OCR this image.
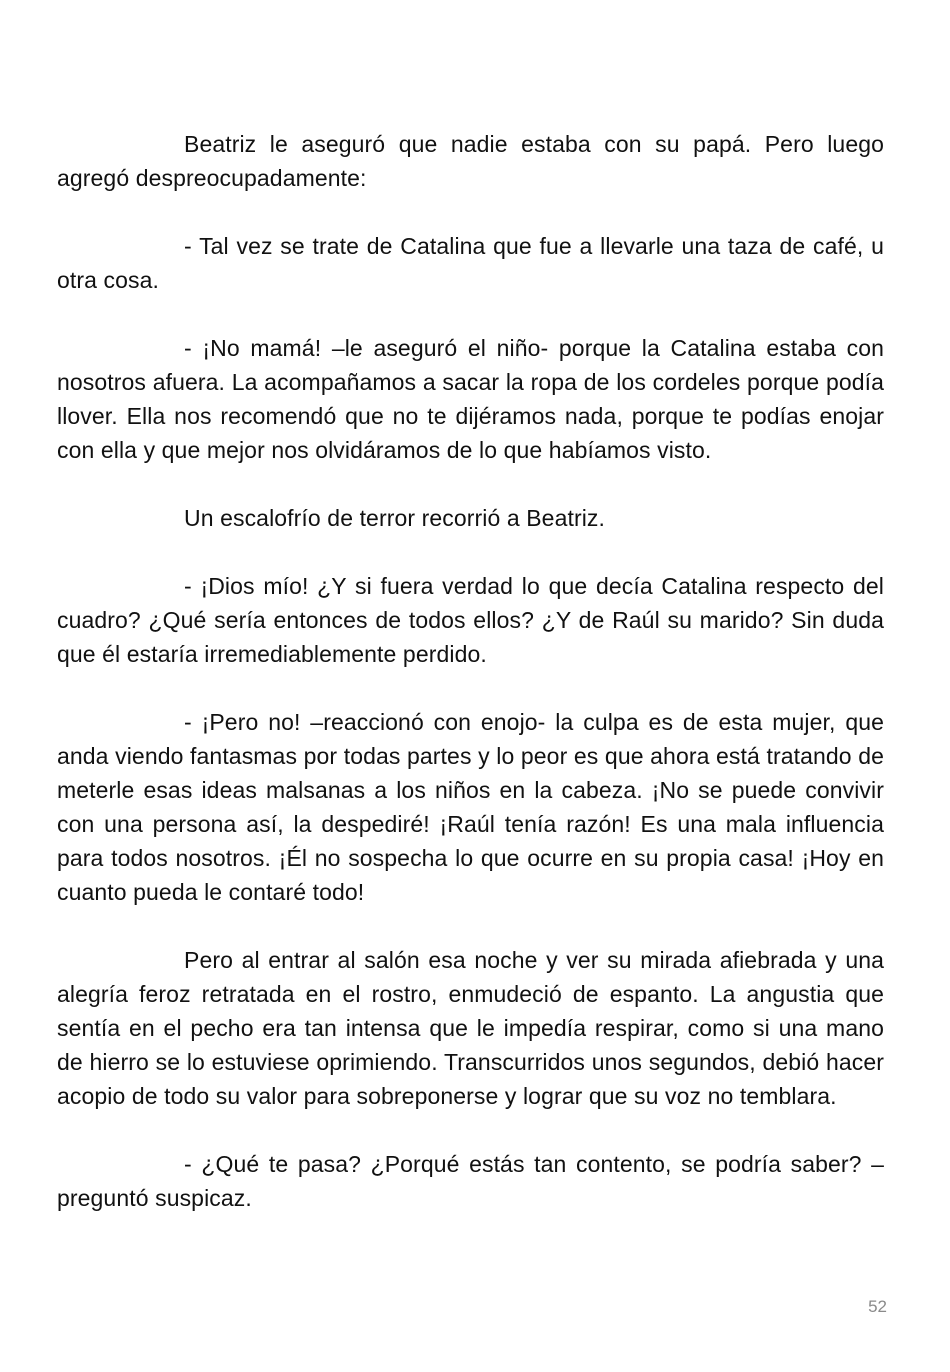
Beatriz le aseguró que nadie estaba con su papá. Pero luego agregó despreocupadamente:

- Tal vez se trate de Catalina que fue a llevarle una taza de café, u otra cosa.

- ¡No mamá! –le aseguró el niño- porque la Catalina estaba con nosotros afuera. La acompañamos a sacar la ropa de los cordeles porque podía llover. Ella nos recomendó que no te dijéramos nada, porque te podías enojar con ella y que mejor nos olvidáramos de lo que habíamos visto.

Un escalofrío de terror recorrió a Beatriz.

- ¡Dios mío! ¿Y si fuera verdad lo que decía Catalina respecto del cuadro? ¿Qué sería entonces de todos ellos? ¿Y de Raúl su marido? Sin duda que él estaría irremediablemente perdido.

- ¡Pero no! –reaccionó con enojo- la culpa es de esta mujer, que anda viendo fantasmas por todas partes y lo peor es que ahora está tratando de meterle esas ideas malsanas a los niños en la cabeza. ¡No se puede convivir con una persona así, la despediré! ¡Raúl tenía razón! Es una mala influencia para todos nosotros. ¡Él no sospecha lo que ocurre en su propia casa! ¡Hoy en cuanto pueda le contaré todo!

Pero al entrar al salón esa noche y ver su mirada afiebrada y una alegría feroz retratada en el rostro, enmudeció de espanto. La angustia que sentía en el pecho era tan intensa que le impedía respirar, como si una mano de hierro se lo estuviese oprimiendo. Transcurridos unos segundos, debió hacer acopio de todo su valor para sobreponerse y lograr que su voz no temblara.

- ¿Qué te pasa? ¿Porqué estás tan contento, se podría saber? –preguntó suspicaz.

52
